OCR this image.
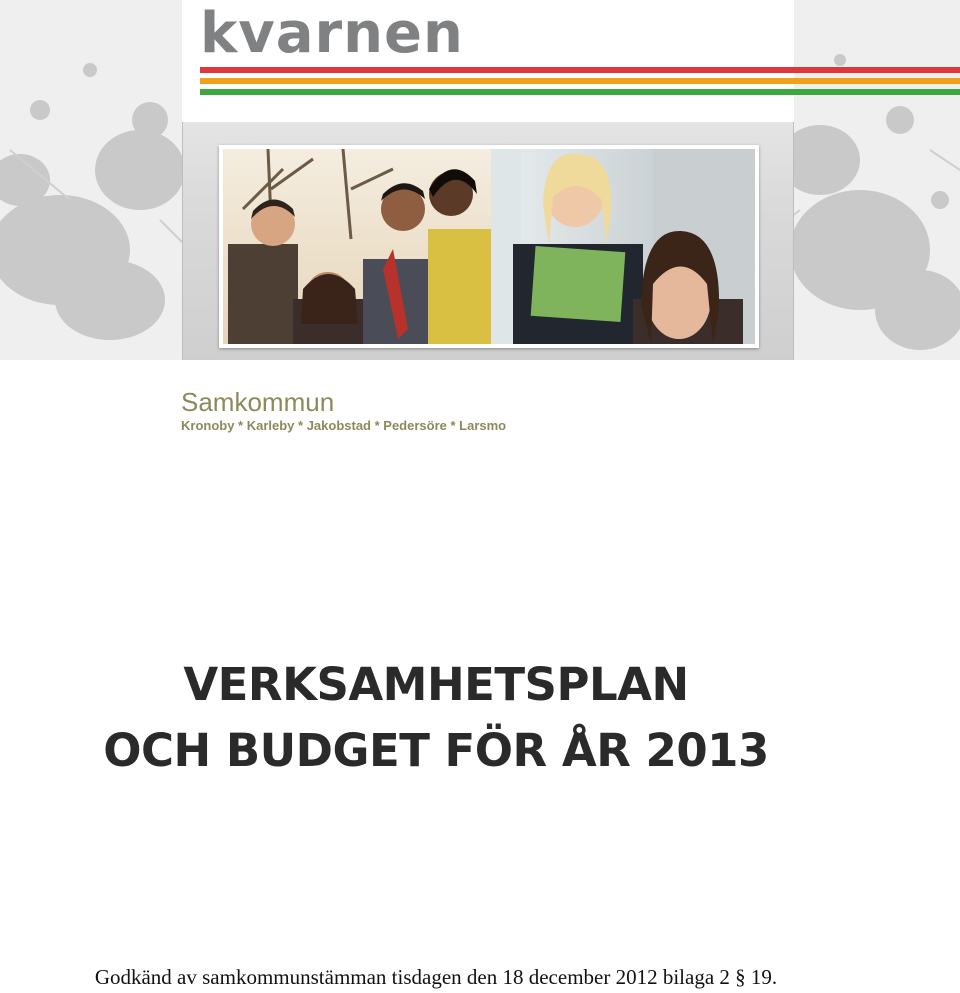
kvarnen
Samkommun
Kronoby * Karleby * Jakobstad * Pedersöre * Larsmo
VERKSAMHETSPLAN
OCH BUDGET FÖR ÅR 2013
Godkänd av samkommunstämman tisdagen den 18 december 2012 bilaga 2 § 19.
